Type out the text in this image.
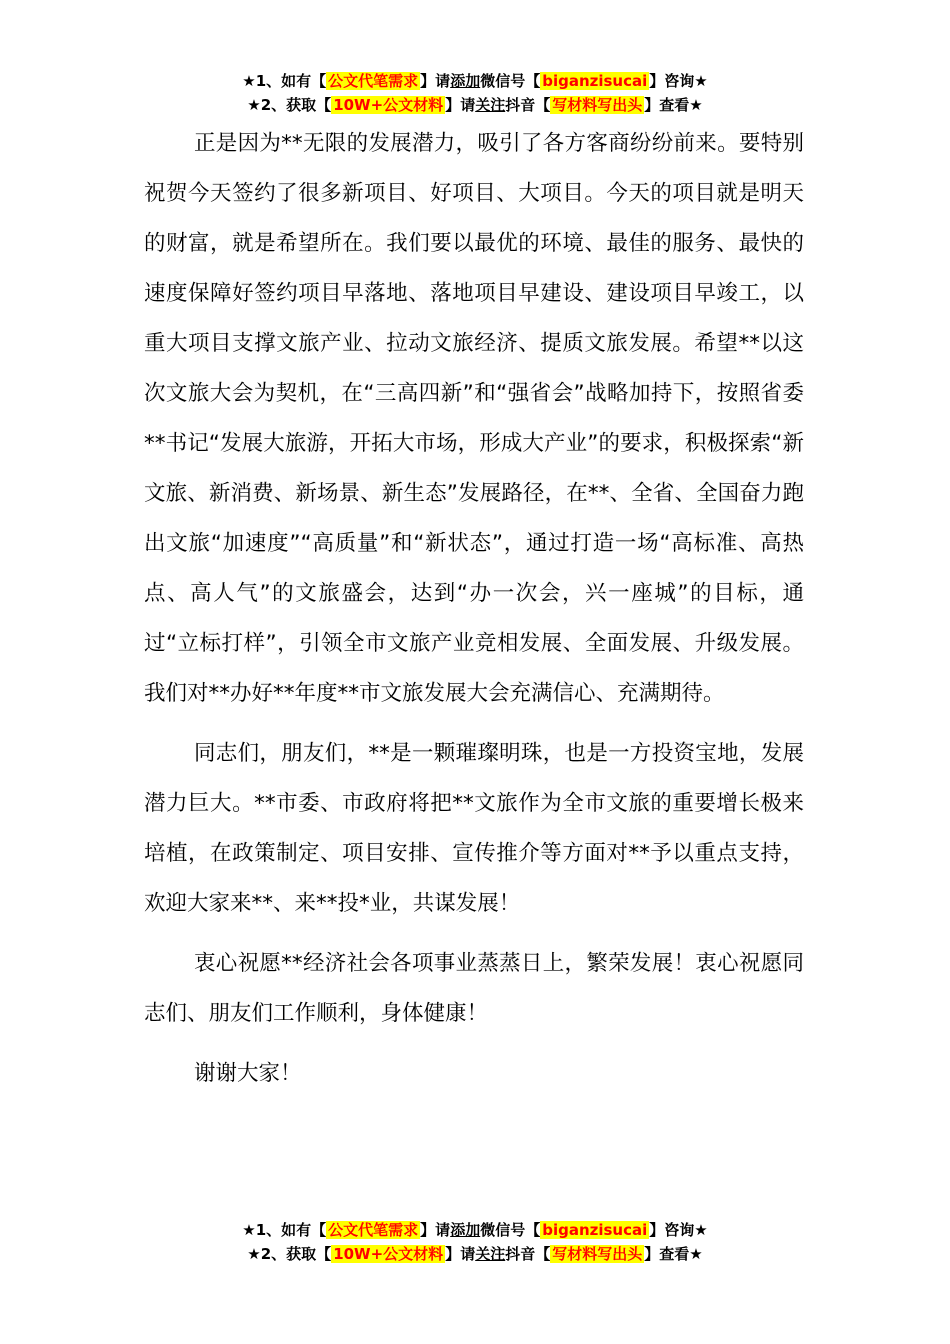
★1、如有【 公文代笔需求 】请添加微信号【 biganzisucai 】咨询★
★2、获取【 10W+公文材料 】请关注抖音【 写材料写出头 】查看★

正是因为**无限的发展潜力，吸引了各方客商纷纷前来。要特别祝贺今天签约了很多新项目、好项目、大项目。今天的项目就是明天的财富，就是希望所在。我们要以最优的环境、最佳的服务、最快的速度保障好签约项目早落地、落地项目早建设、建设项目早竣工，以重大项目支撑文旅产业、拉动文旅经济、提质文旅发展。希望**以这次文旅大会为契机，在“三高四新”和“强省会”战略加持下，按照省委**书记“发展大旅游，开拓大市场，形成大产业”的要求，积极探索“新文旅、新消费、新场景、新生态”发展路径，在**、全省、全国奋力跑出文旅“加速度”“高质量”和“新状态”，通过打造一场“高标准、高热点、高人气”的文旅盛会，达到“办一次会，兴一座城”的目标，通过“立标打样”，引领全市文旅产业竞相发展、全面发展、升级发展。我们对**办好**年度**市文旅发展大会充满信心、充满期待。

同志们，朋友们，**是一颗璀璨明珠，也是一方投资宝地，发展潜力巨大。**市委、市政府将把**文旅作为全市文旅的重要增长极来培植，在政策制定、项目安排、宣传推介等方面对**予以重点支持，欢迎大家来**、来**投*业，共谋发展！

衷心祝愿**经济社会各项事业蒸蒸日上，繁荣发展！衷心祝愿同志们、朋友们工作顺利，身体健康！

谢谢大家！

★1、如有【 公文代笔需求 】请添加微信号【 biganzisucai 】咨询★
★2、获取【 10W+公文材料 】请关注抖音【 写材料写出头 】查看★
